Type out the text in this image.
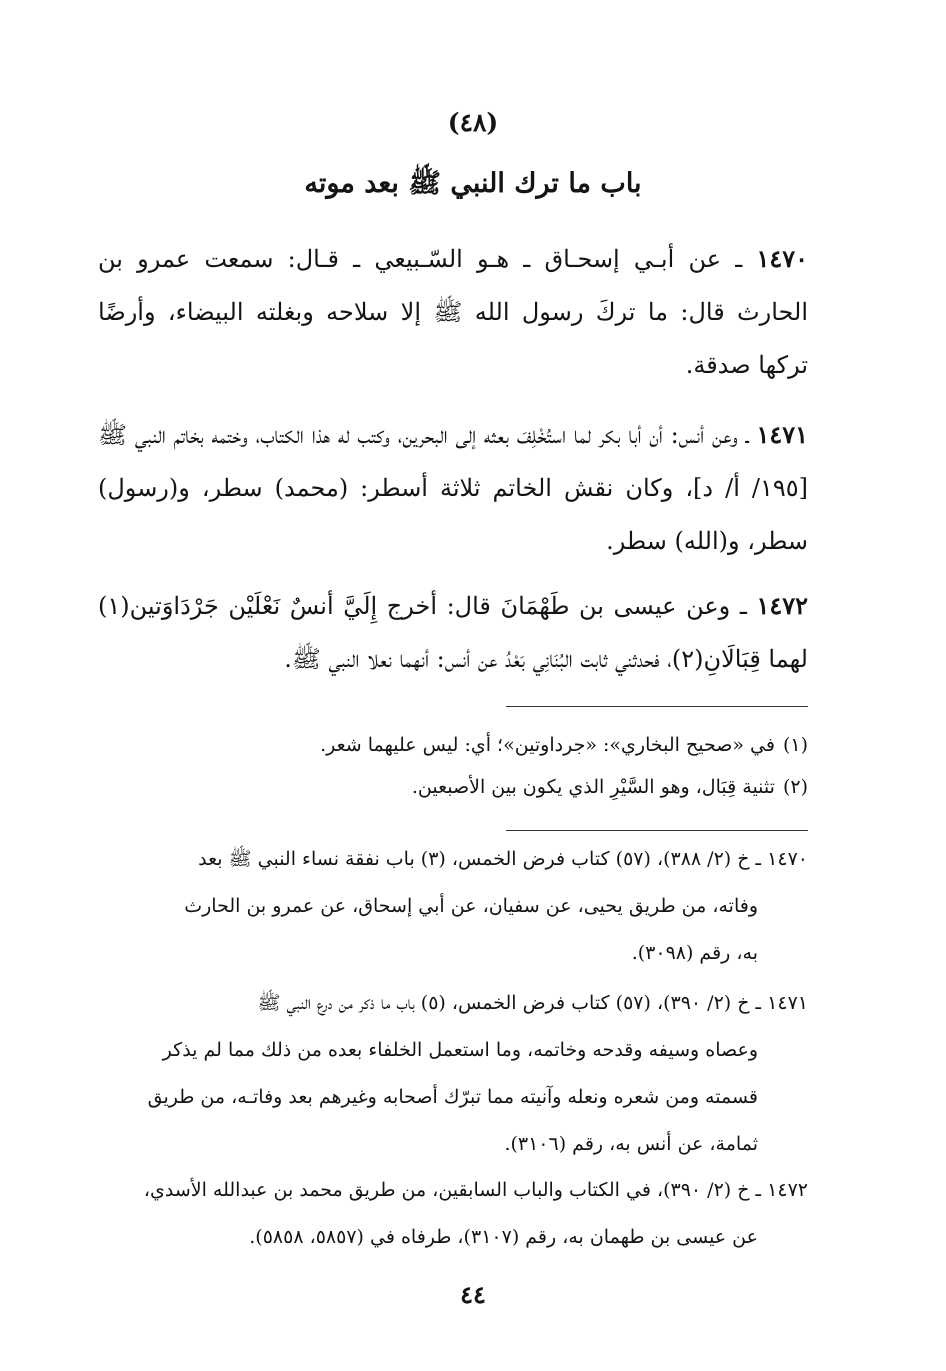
(٤٨)
باب ما ترك النبي ﷺ بعد موته
١٤٧٠ ـ عن أبـي إسحـاق ـ هـو السّـبيعي ـ قـال: سمعت عمرو بن الحارث قال: ما تركَ رسول الله ﷺ إلا سلاحه وبغلته البيضاء، وأرضًا تركها صدقة.
١٤٧١ ـ وعن أنس: أن أبا بكر لما استُخْلِفَ بعثه إلى البحرين، وكتب له هذا الكتاب، وختمه بخاتم النبي ﷺ [١٩٥/ أ/ د]، وكان نقش الخاتم ثلاثة أسطر: (محمد) سطر، و(رسول) سطر، و(الله) سطر.
١٤٧٢ ـ وعن عيسى بن طَهْمَانَ قال: أخرج إِلَيَّ أنسٌ نَعْلَيْن جَرْدَاوَتين(١) لهما قِبَالَانِ(٢)، فحدثني ثابت البُنَانِي بَعْدُ عن أنس: أنهما نعلا النبي ﷺ.
(١)في «صحيح البخاري»: «جرداوتين»؛ أي: ليس عليهما شعر.
(٢)تثنية قِبَال، وهو السَّيْرِ الذي يكون بين الأصبعين.
١٤٧٠ ـ خ (٢/ ٣٨٨)، (٥٧) كتاب فرض الخمس، (٣) باب نفقة نساء النبي ﷺ بعد
وفاته، من طريق يحيى، عن سفيان، عن أبي إسحاق، عن عمرو بن الحارث
به، رقم (٣٠٩٨).
١٤٧١ ـ خ (٢/ ٣٩٠)، (٥٧) كتاب فرض الخمس، (٥) باب ما ذكر من درع النبي ﷺ
وعصاه وسيفه وقدحه وخاتمه، وما استعمل الخلفاء بعده من ذلك مما لم يذكر
قسمته ومن شعره ونعله وآنيته مما تبرّك أصحابه وغيرهم بعد وفاتـه، من طريق
ثمامة، عن أنس به، رقم (٣١٠٦).
١٤٧٢ ـ خ (٢/ ٣٩٠)، في الكتاب والباب السابقين، من طريق محمد بن عبدالله الأسدي،
عن عيسى بن طهمان به، رقم (٣١٠٧)، طرفاه في (٥٨٥٧، ٥٨٥٨).
٤٤
